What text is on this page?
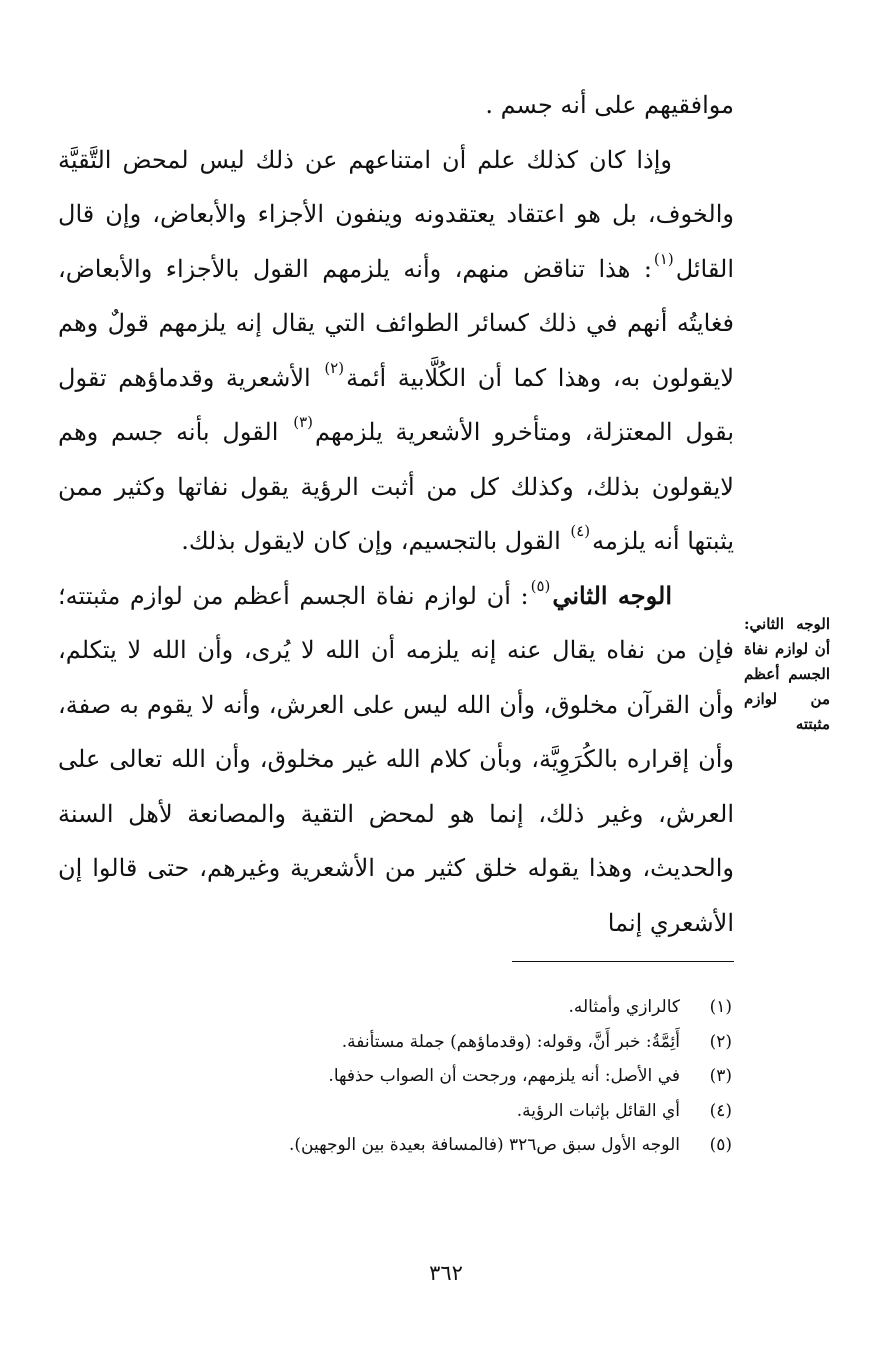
موافقيهم على أنه جسم .

وإذا كان كذلك علم أن امتناعهم عن ذلك ليس لمحض التَّقيَّة والخوف، بل هو اعتقاد يعتقدونه وينفون الأجزاء والأبعاض، وإن قال القائل$^{(١)}$: هذا تناقض منهم، وأنه يلزمهم القول بالأجزاء والأبعاض، فغايتُه أنهم في ذلك كسائر الطوائف التي يقال إنه يلزمهم قولٌ وهم لايقولون به، وهذا كما أن الكُلَّابية أئمة$^{(٢)}$ الأشعرية وقدماؤهم تقول بقول المعتزلة، ومتأخرو الأشعرية يلزمهم$^{(٣)}$ القول بأنه جسم وهم لايقولون بذلك، وكذلك كل من أثبت الرؤية يقول نفاتها وكثير ممن يثبتها أنه يلزمه$^{(٤)}$ القول بالتجسيم، وإن كان لايقول بذلك.

الوجه الثاني$^{(٥)}$: أن لوازم نفاة الجسم أعظم من لوازم مثبتته؛ فإن من نفاه يقال عنه إنه يلزمه أن الله لا يُرى، وأن الله لا يتكلم، وأن القرآن مخلوق، وأن الله ليس على العرش، وأنه لا يقوم به صفة، وأن إقراره بالكُرَوِيَّة، وبأن كلام الله غير مخلوق، وأن الله تعالى على العرش، وغير ذلك، إنما هو لمحض التقية والمصانعة لأهل السنة والحديث، وهذا يقوله خلق كثير من الأشعرية وغيرهم، حتى قالوا إن الأشعري إنما

الوجه الثاني: أن لوازم نفاة الجسم أعظم من لوازم مثبتته
(١)
كالرازي وأمثاله.
(٢)
أَئِمَّةُ: خبر أَنَّ، وقوله: (وقدماؤهم) جملة مستأنفة.
(٣)
في الأصل: أنه يلزمهم، ورجحت أن الصواب حذفها.
(٤)
أي القائل بإثبات الرؤية.
(٥)
الوجه الأول سبق ص٣٢٦ (فالمسافة بعيدة بين الوجهين).
٣٦٢
